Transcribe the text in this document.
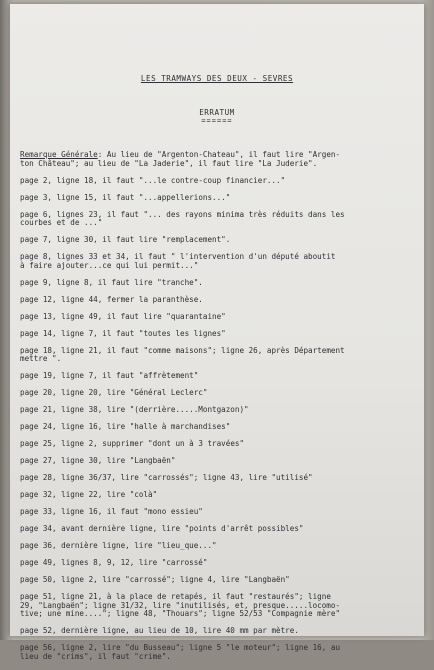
LES TRAMWAYS DES DEUX - SEVRES
ERRATUM
======
Remarque Générale: Au lieu de "Argenton-Chateau", il faut lire "Argen-
ton Château"; au lieu de "La Jaderie", il faut lire "La Juderie".
page 2, ligne 18, il faut "...le contre-coup financier..."
page 3, ligne 15, il faut "...appellerions..."
page 6, lignes 23, il faut "... des rayons minima très réduits dans les
courbes et de ..."
page 7, ligne 30, il faut lire "remplacement".
page 8, lignes 33 et 34, il faut " l'intervention d'un député aboutit
à faire ajouter...ce qui lui permit..."
page 9, ligne 8, il faut lire "tranche".
page 12, ligne 44, fermer la paranthèse.
page 13, ligne 49, il faut lire "quarantaine"
page 14, ligne 7, il faut "toutes les lignes"
page 18, ligne 21, il faut "comme maisons"; ligne 26, après Département
mettre ".
page 19, ligne 7, il faut "affrètement"
page 20, ligne 20, lire "Général Leclerc"
page 21, ligne 38, lire "(derrière.....Montgazon)"
page 24, ligne 16, lire "halle à marchandises"
page 25, ligne 2, supprimer "dont un à 3 travées"
page 27, ligne 30, lire "Langbaën"
page 28, ligne 36/37, lire "carrossés"; ligne 43, lire "utilisé"
page 32, ligne 22, lire "colà"
page 33, ligne 16, il faut "mono essieu"
page 34, avant dernière ligne, lire "points d'arrêt possibles"
page 36, dernière ligne, lire "lieu_que..."
page 49, lignes 8, 9, 12, lire "carrossé"
page 50, ligne 2, lire "carrossé"; ligne 4, lire "Langbaën"
page 51, ligne 21, à la place de retapés, il faut "restaurés"; ligne
29, "Langbaën"; ligne 31/32, lire "inutilisés, et, presque.....locomo-
tive; une mine...."; ligne 48, "Thouars"; ligne 52/53 "Compagnie mère"
page 52, dernière ligne, au lieu de 10, lire 40 mm par mètre.
page 56, ligne 2, lire "du Busseau"; ligne 5 "le moteur"; ligne 16, au
lieu de "crims", il faut "crime".
